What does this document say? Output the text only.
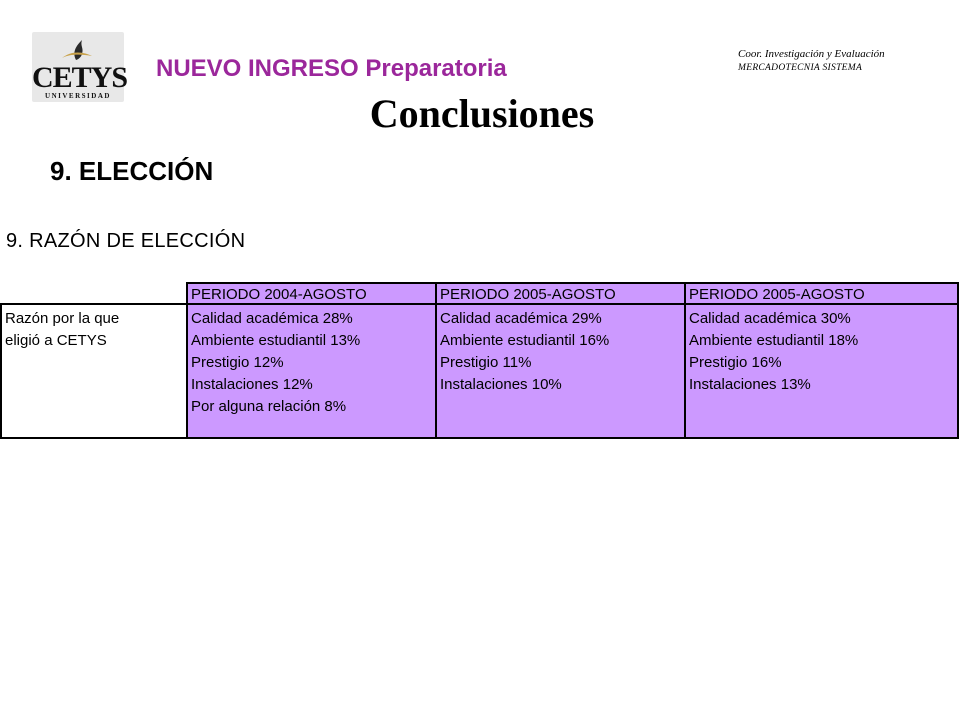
CETYS
UNIVERSIDAD
NUEVO INGRESO Preparatoria
Coor. Investigación y Evaluación
MERCADOTECNIA SISTEMA
Conclusiones
9. ELECCIÓN
9. RAZÓN DE ELECCIÓN
PERIODO 2004-AGOSTO	PERIODO 2005-AGOSTO	PERIODO 2005-AGOSTO
Razón por la que
eligió a CETYS
Calidad académica 28%
Ambiente estudiantil 13%
Prestigio 12%
Instalaciones 12%
Por alguna relación 8%
Calidad académica 29%
Ambiente estudiantil 16%
Prestigio 11%
Instalaciones 10%
Calidad académica 30%
Ambiente estudiantil 18%
Prestigio 16%
Instalaciones 13%
